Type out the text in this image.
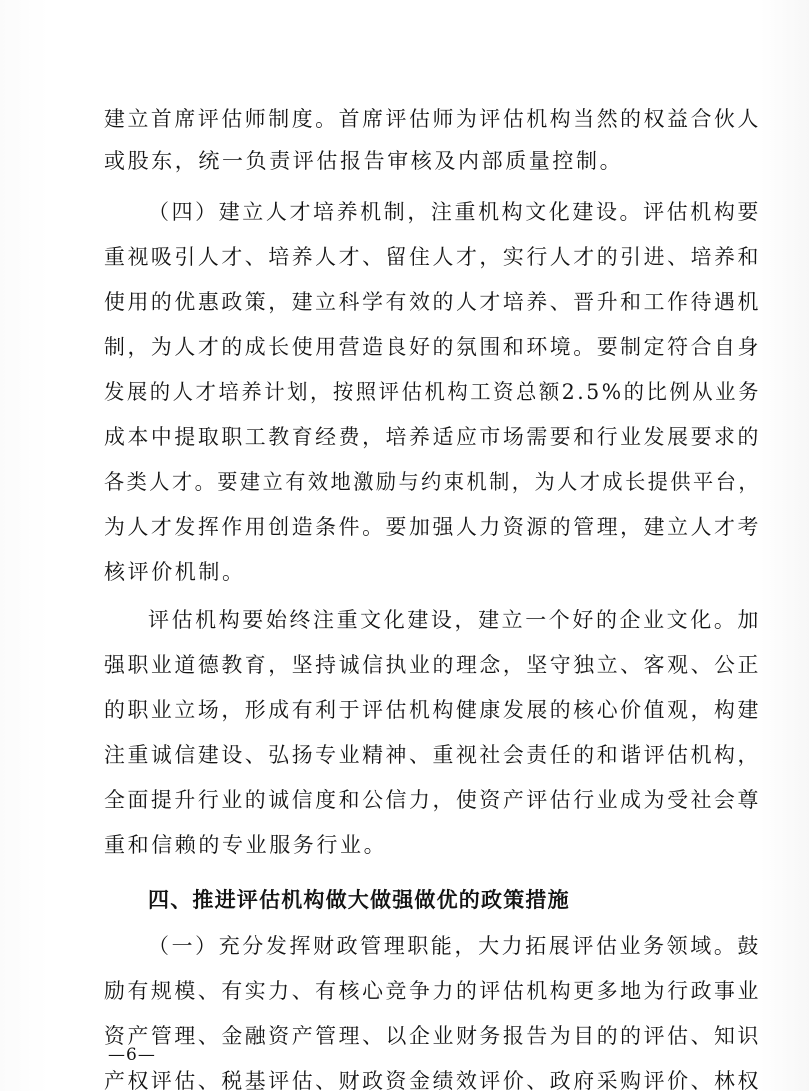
建立首席评估师制度。首席评估师为评估机构当然的权益合伙人
或股东，统一负责评估报告审核及内部质量控制。
（四）建立人才培养机制，注重机构文化建设。评估机构要
重视吸引人才、培养人才、留住人才，实行人才的引进、培养和
使用的优惠政策，建立科学有效的人才培养、晋升和工作待遇机
制，为人才的成长使用营造良好的氛围和环境。要制定符合自身
发展的人才培养计划，按照评估机构工资总额2.5%的比例从业务
成本中提取职工教育经费，培养适应市场需要和行业发展要求的
各类人才。要建立有效地激励与约束机制，为人才成长提供平台，
为人才发挥作用创造条件。要加强人力资源的管理，建立人才考
核评价机制。
评估机构要始终注重文化建设，建立一个好的企业文化。加
强职业道德教育，坚持诚信执业的理念，坚守独立、客观、公正
的职业立场，形成有利于评估机构健康发展的核心价值观，构建
注重诚信建设、弘扬专业精神、重视社会责任的和谐评估机构，
全面提升行业的诚信度和公信力，使资产评估行业成为受社会尊
重和信赖的专业服务行业。
四、推进评估机构做大做强做优的政策措施
（一）充分发挥财政管理职能，大力拓展评估业务领域。鼓
励有规模、有实力、有核心竞争力的评估机构更多地为行政事业
资产管理、金融资产管理、以企业财务报告为目的的评估、知识
产权评估、税基评估、财政资金绩效评价、政府采购评价、林权
—6—
